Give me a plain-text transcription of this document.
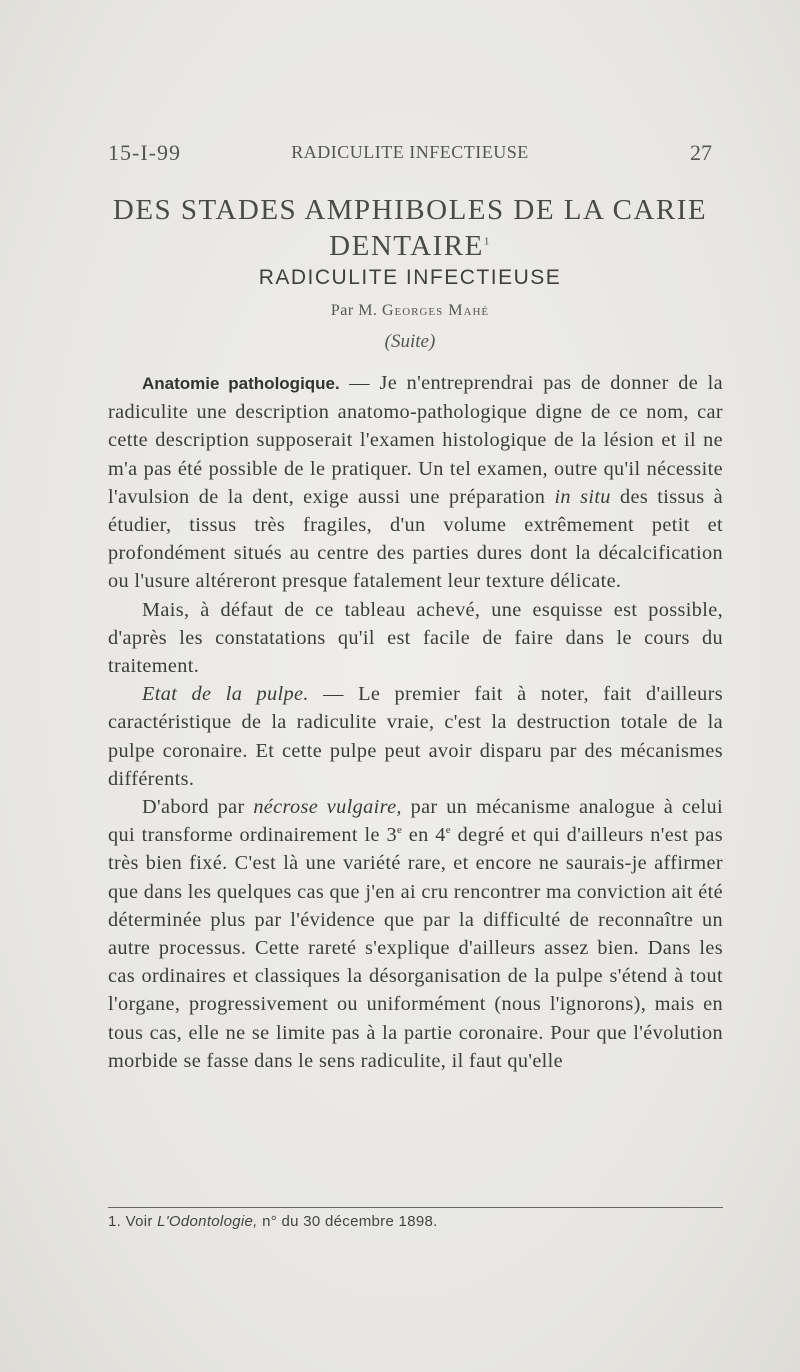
15-I-99	RADICULITE INFECTIEUSE	27
DES STADES AMPHIBOLES DE LA CARIE
DENTAIRE$^1$
RADICULITE INFECTIEUSE
Par M. Georges Mahé
(Suite)

Anatomie pathologique. — Je n'entreprendrai pas de donner de la radiculite une description anatomo-pathologique digne de ce nom, car cette description supposerait l'examen histologique de la lésion et il ne m'a pas été possible de le pratiquer. Un tel examen, outre qu'il nécessite l'avulsion de la dent, exige aussi une préparation in situ des tissus à étudier, tissus très fragiles, d'un volume extrêmement petit et profondément situés au centre des parties dures dont la décalcification ou l'usure altéreront presque fatalement leur texture délicate.

Mais, à défaut de ce tableau achevé, une esquisse est possible, d'après les constatations qu'il est facile de faire dans le cours du traitement.

Etat de la pulpe. — Le premier fait à noter, fait d'ailleurs caractéristique de la radiculite vraie, c'est la destruction totale de la pulpe coronaire. Et cette pulpe peut avoir disparu par des mécanismes différents.

D'abord par nécrose vulgaire, par un mécanisme analogue à celui qui transforme ordinairement le 3e en 4e degré et qui d'ailleurs n'est pas très bien fixé. C'est là une variété rare, et encore ne saurais-je affirmer que dans les quelques cas que j'en ai cru rencontrer ma conviction ait été déterminée plus par l'évidence que par la difficulté de reconnaître un autre processus. Cette rareté s'explique d'ailleurs assez bien. Dans les cas ordinaires et classiques la désorganisation de la pulpe s'étend à tout l'organe, progressivement ou uniformément (nous l'ignorons), mais en tous cas, elle ne se limite pas à la partie coronaire. Pour que l'évolution morbide se fasse dans le sens radiculite, il faut qu'elle

1. Voir L'Odontologie, n° du 30 décembre 1898.
